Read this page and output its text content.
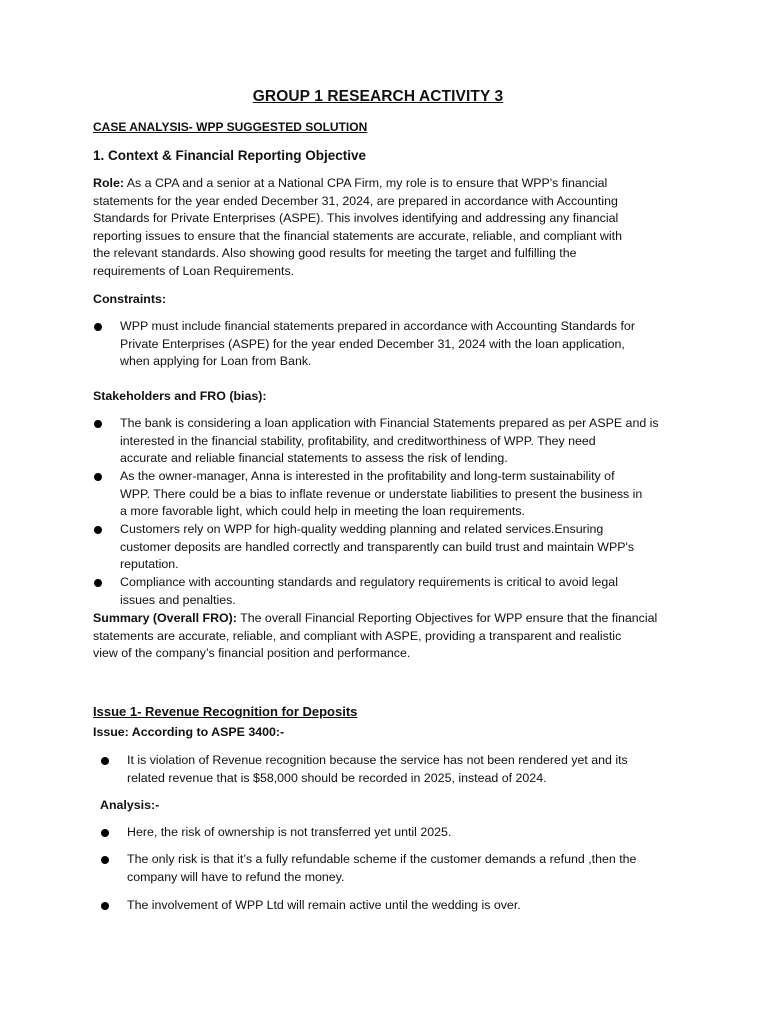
GROUP 1 RESEARCH ACTIVITY 3
CASE ANALYSIS- WPP SUGGESTED SOLUTION
1. Context & Financial Reporting Objective
Role: As a CPA and a senior at a National CPA Firm, my role is to ensure that WPP's financial
statements for the year ended December 31, 2024, are prepared in accordance with Accounting
Standards for Private Enterprises (ASPE). This involves identifying and addressing any financial
reporting issues to ensure that the financial statements are accurate, reliable, and compliant with
the relevant standards. Also showing good results for meeting the target and fulfilling the
requirements of Loan Requirements.
Constraints:
WPP must include financial statements prepared in accordance with Accounting Standards for
Private Enterprises (ASPE) for the year ended December 31, 2024 with the loan application,
when applying for Loan from Bank.
Stakeholders and FRO (bias):
The bank is considering a loan application with Financial Statements prepared as per ASPE and is
interested in the financial stability, profitability, and creditworthiness of WPP. They need
accurate and reliable financial statements to assess the risk of lending.
As the owner-manager, Anna is interested in the profitability and long-term sustainability of
WPP. There could be a bias to inflate revenue or understate liabilities to present the business in
a more favorable light, which could help in meeting the loan requirements.
Customers rely on WPP for high-quality wedding planning and related services.Ensuring
customer deposits are handled correctly and transparently can build trust and maintain WPP's
reputation.
Compliance with accounting standards and regulatory requirements is critical to avoid legal
issues and penalties.
Summary (Overall FRO): The overall Financial Reporting Objectives for WPP ensure that the financial
statements are accurate, reliable, and compliant with ASPE, providing a transparent and realistic
view of the company’s financial position and performance.
Issue 1- Revenue Recognition for Deposits
Issue: According to ASPE 3400:-
It is violation of Revenue recognition because the service has not been rendered yet and its
related revenue that is $58,000 should be recorded in 2025, instead of 2024.
Analysis:-
Here, the risk of ownership is not transferred yet until 2025.
The only risk is that it’s a fully refundable scheme if the customer demands a refund ,then the
company will have to refund the money.
The involvement of WPP Ltd will remain active until the wedding is over.
